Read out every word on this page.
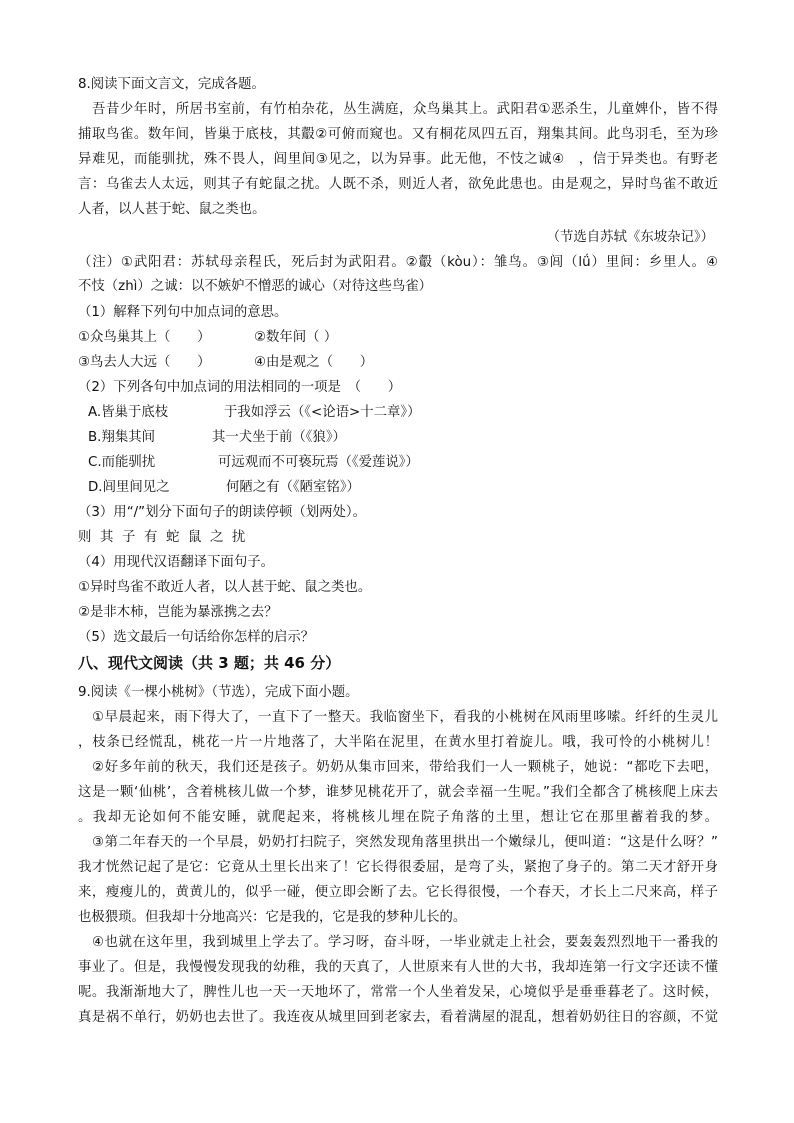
8.阅读下面文言文，完成各题。
吾昔少年时，所居书室前，有竹柏杂花，丛生满庭，众鸟巢其上。武阳君①恶杀生，儿童婢仆，皆不得
捕取鸟雀。数年间，皆巢于底枝，其鷇②可俯而窥也。又有桐花凤四五百，翔集其间。此鸟羽毛，至为珍
异难见，而能驯扰，殊不畏人，闾里间③见之，以为异事。此无他，不忮之诚④　，信于异类也。有野老
言：乌雀去人太远，则其子有蛇鼠之扰。人既不杀，则近人者，欲免此患也。由是观之，异时鸟雀不敢近
人者，以人甚于蛇、鼠之类也。
（节选自苏轼《东坡杂记》）
（注）①武阳君：苏轼母亲程氏，死后封为武阳君。②鷇（kòu）：雏鸟。③闾（lǘ）里间：乡里人。④
不忮（zhì）之诚：以不嫉妒不憎恶的诚心（对待这些鸟雀）
（1）解释下列句中加点词的意思。
①众鸟巢其上（　　）	②数年间（ ）
③鸟去人大远（　　）	④由是观之（　　）
（2）下列各句中加点词的用法相同的一项是　（　　）
A.皆巢于底枝	于我如浮云（《<论语>十二章》）
B.翔集其间	其一犬坐于前（《狼》）
C.而能驯扰	可远观而不可亵玩焉（《爱莲说》）
D.闾里间见之	何陋之有（《陋室铭》）
（3）用“/”划分下面句子的朗读停顿（划两处）。
则其子有蛇鼠之扰
（4）用现代汉语翻译下面句子。
①异时鸟雀不敢近人者，以人甚于蛇、鼠之类也。
②是非木柿，岂能为暴涨携之去？
（5）选文最后一句话给你怎样的启示？
八、现代文阅读（共 3 题；共 46 分）
9.阅读《一棵小桃树》（节选），完成下面小题。
①早晨起来，雨下得大了，一直下了一整天。我临窗坐下，看我的小桃树在风雨里哆嗦。纤纤的生灵儿
，枝条已经慌乱，桃花一片一片地落了，大半陷在泥里，在黄水里打着旋儿。哦，我可怜的小桃树儿！
②好多年前的秋天，我们还是孩子。奶奶从集市回来，带给我们一人一颗桃子，她说：“都吃下去吧，
这是一颗‘仙桃’，含着桃核儿做一个梦，谁梦见桃花开了，就会幸福一生呢。”我们全都含了桃核爬上床去
。我却无论如何不能安睡，就爬起来，将桃核儿埋在院子角落的土里，想让它在那里蓄着我的梦。
③第二年春天的一个早晨，奶奶打扫院子，突然发现角落里拱出一个嫩绿儿，便叫道：“这是什么呀？”
我才恍然记起了是它：它竟从土里长出来了！它长得很委屈，是弯了头，紧抱了身子的。第二天才舒开身
来，瘦瘦儿的，黄黄儿的，似乎一碰，便立即会断了去。它长得很慢，一个春天，才长上二尺来高，样子
也极猥琐。但我却十分地高兴：它是我的，它是我的梦种儿长的。
④也就在这年里，我到城里上学去了。学习呀，奋斗呀，一毕业就走上社会，要轰轰烈烈地干一番我的
事业了。但是，我慢慢发现我的幼稚，我的天真了，人世原来有人世的大书，我却连第一行文字还读不懂
呢。我渐渐地大了，脾性儿也一天一天地坏了，常常一个人坐着发呆，心境似乎是垂垂暮老了。这时候，
真是祸不单行，奶奶也去世了。我连夜从城里回到老家去，看着满屋的混乱，想着奶奶往日的容颜，不觉
